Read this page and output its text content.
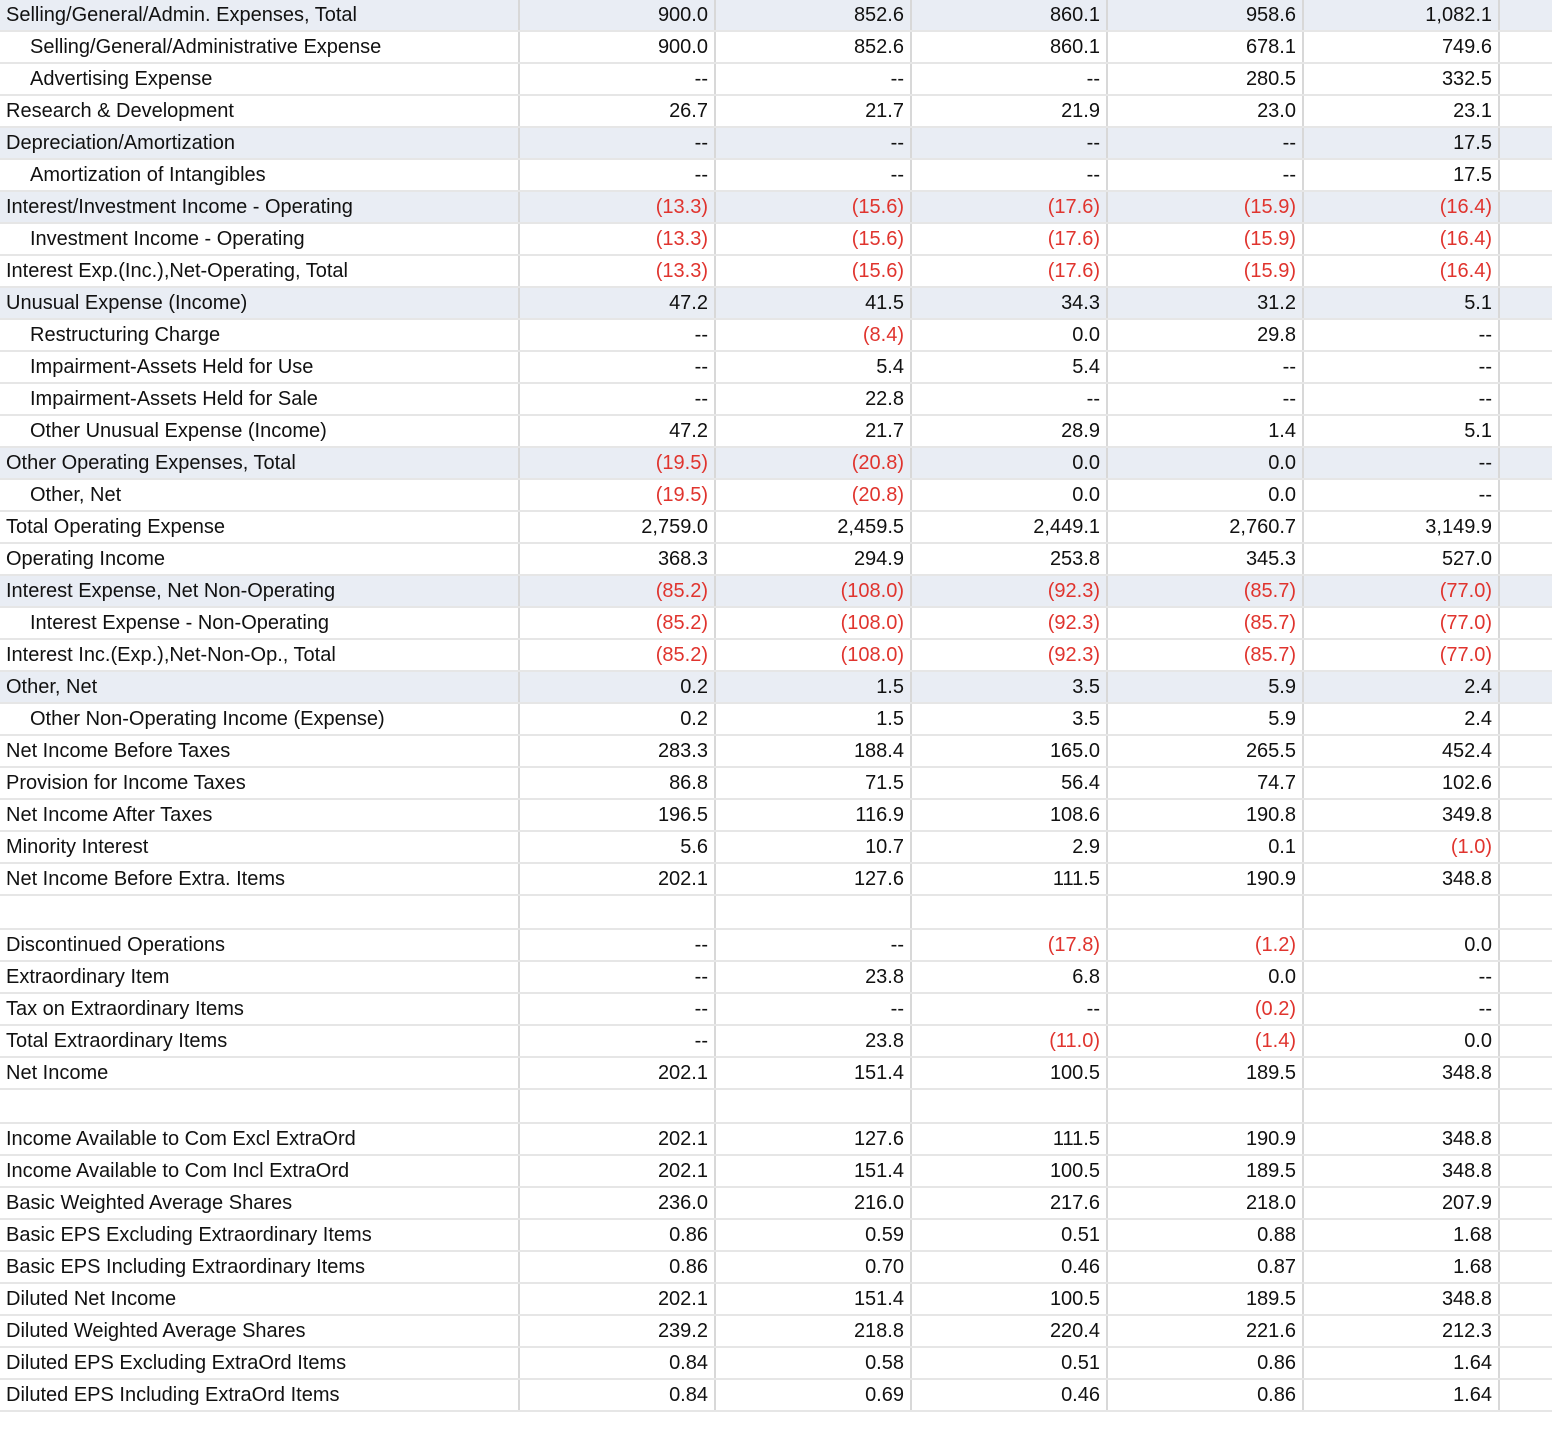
Selling/General/Admin. Expenses, Total	900.0	852.6	860.1	958.6	1,082.1
Selling/General/Administrative Expense	900.0	852.6	860.1	678.1	749.6
Advertising Expense	--	--	--	280.5	332.5
Research & Development	26.7	21.7	21.9	23.0	23.1
Depreciation/Amortization	--	--	--	--	17.5
Amortization of Intangibles	--	--	--	--	17.5
Interest/Investment Income - Operating	(13.3)	(15.6)	(17.6)	(15.9)	(16.4)
Investment Income - Operating	(13.3)	(15.6)	(17.6)	(15.9)	(16.4)
Interest Exp.(Inc.),Net-Operating, Total	(13.3)	(15.6)	(17.6)	(15.9)	(16.4)
Unusual Expense (Income)	47.2	41.5	34.3	31.2	5.1
Restructuring Charge	--	(8.4)	0.0	29.8	--
Impairment-Assets Held for Use	--	5.4	5.4	--	--
Impairment-Assets Held for Sale	--	22.8	--	--	--
Other Unusual Expense (Income)	47.2	21.7	28.9	1.4	5.1
Other Operating Expenses, Total	(19.5)	(20.8)	0.0	0.0	--
Other, Net	(19.5)	(20.8)	0.0	0.0	--
Total Operating Expense	2,759.0	2,459.5	2,449.1	2,760.7	3,149.9
Operating Income	368.3	294.9	253.8	345.3	527.0
Interest Expense, Net Non-Operating	(85.2)	(108.0)	(92.3)	(85.7)	(77.0)
Interest Expense - Non-Operating	(85.2)	(108.0)	(92.3)	(85.7)	(77.0)
Interest Inc.(Exp.),Net-Non-Op., Total	(85.2)	(108.0)	(92.3)	(85.7)	(77.0)
Other, Net	0.2	1.5	3.5	5.9	2.4
Other Non-Operating Income (Expense)	0.2	1.5	3.5	5.9	2.4
Net Income Before Taxes	283.3	188.4	165.0	265.5	452.4
Provision for Income Taxes	86.8	71.5	56.4	74.7	102.6
Net Income After Taxes	196.5	116.9	108.6	190.8	349.8
Minority Interest	5.6	10.7	2.9	0.1	(1.0)
Net Income Before Extra. Items	202.1	127.6	111.5	190.9	348.8
Discontinued Operations	--	--	(17.8)	(1.2)	0.0
Extraordinary Item	--	23.8	6.8	0.0	--
Tax on Extraordinary Items	--	--	--	(0.2)	--
Total Extraordinary Items	--	23.8	(11.0)	(1.4)	0.0
Net Income	202.1	151.4	100.5	189.5	348.8
Income Available to Com Excl ExtraOrd	202.1	127.6	111.5	190.9	348.8
Income Available to Com Incl ExtraOrd	202.1	151.4	100.5	189.5	348.8
Basic Weighted Average Shares	236.0	216.0	217.6	218.0	207.9
Basic EPS Excluding Extraordinary Items	0.86	0.59	0.51	0.88	1.68
Basic EPS Including Extraordinary Items	0.86	0.70	0.46	0.87	1.68
Diluted Net Income	202.1	151.4	100.5	189.5	348.8
Diluted Weighted Average Shares	239.2	218.8	220.4	221.6	212.3
Diluted EPS Excluding ExtraOrd Items	0.84	0.58	0.51	0.86	1.64
Diluted EPS Including ExtraOrd Items	0.84	0.69	0.46	0.86	1.64
